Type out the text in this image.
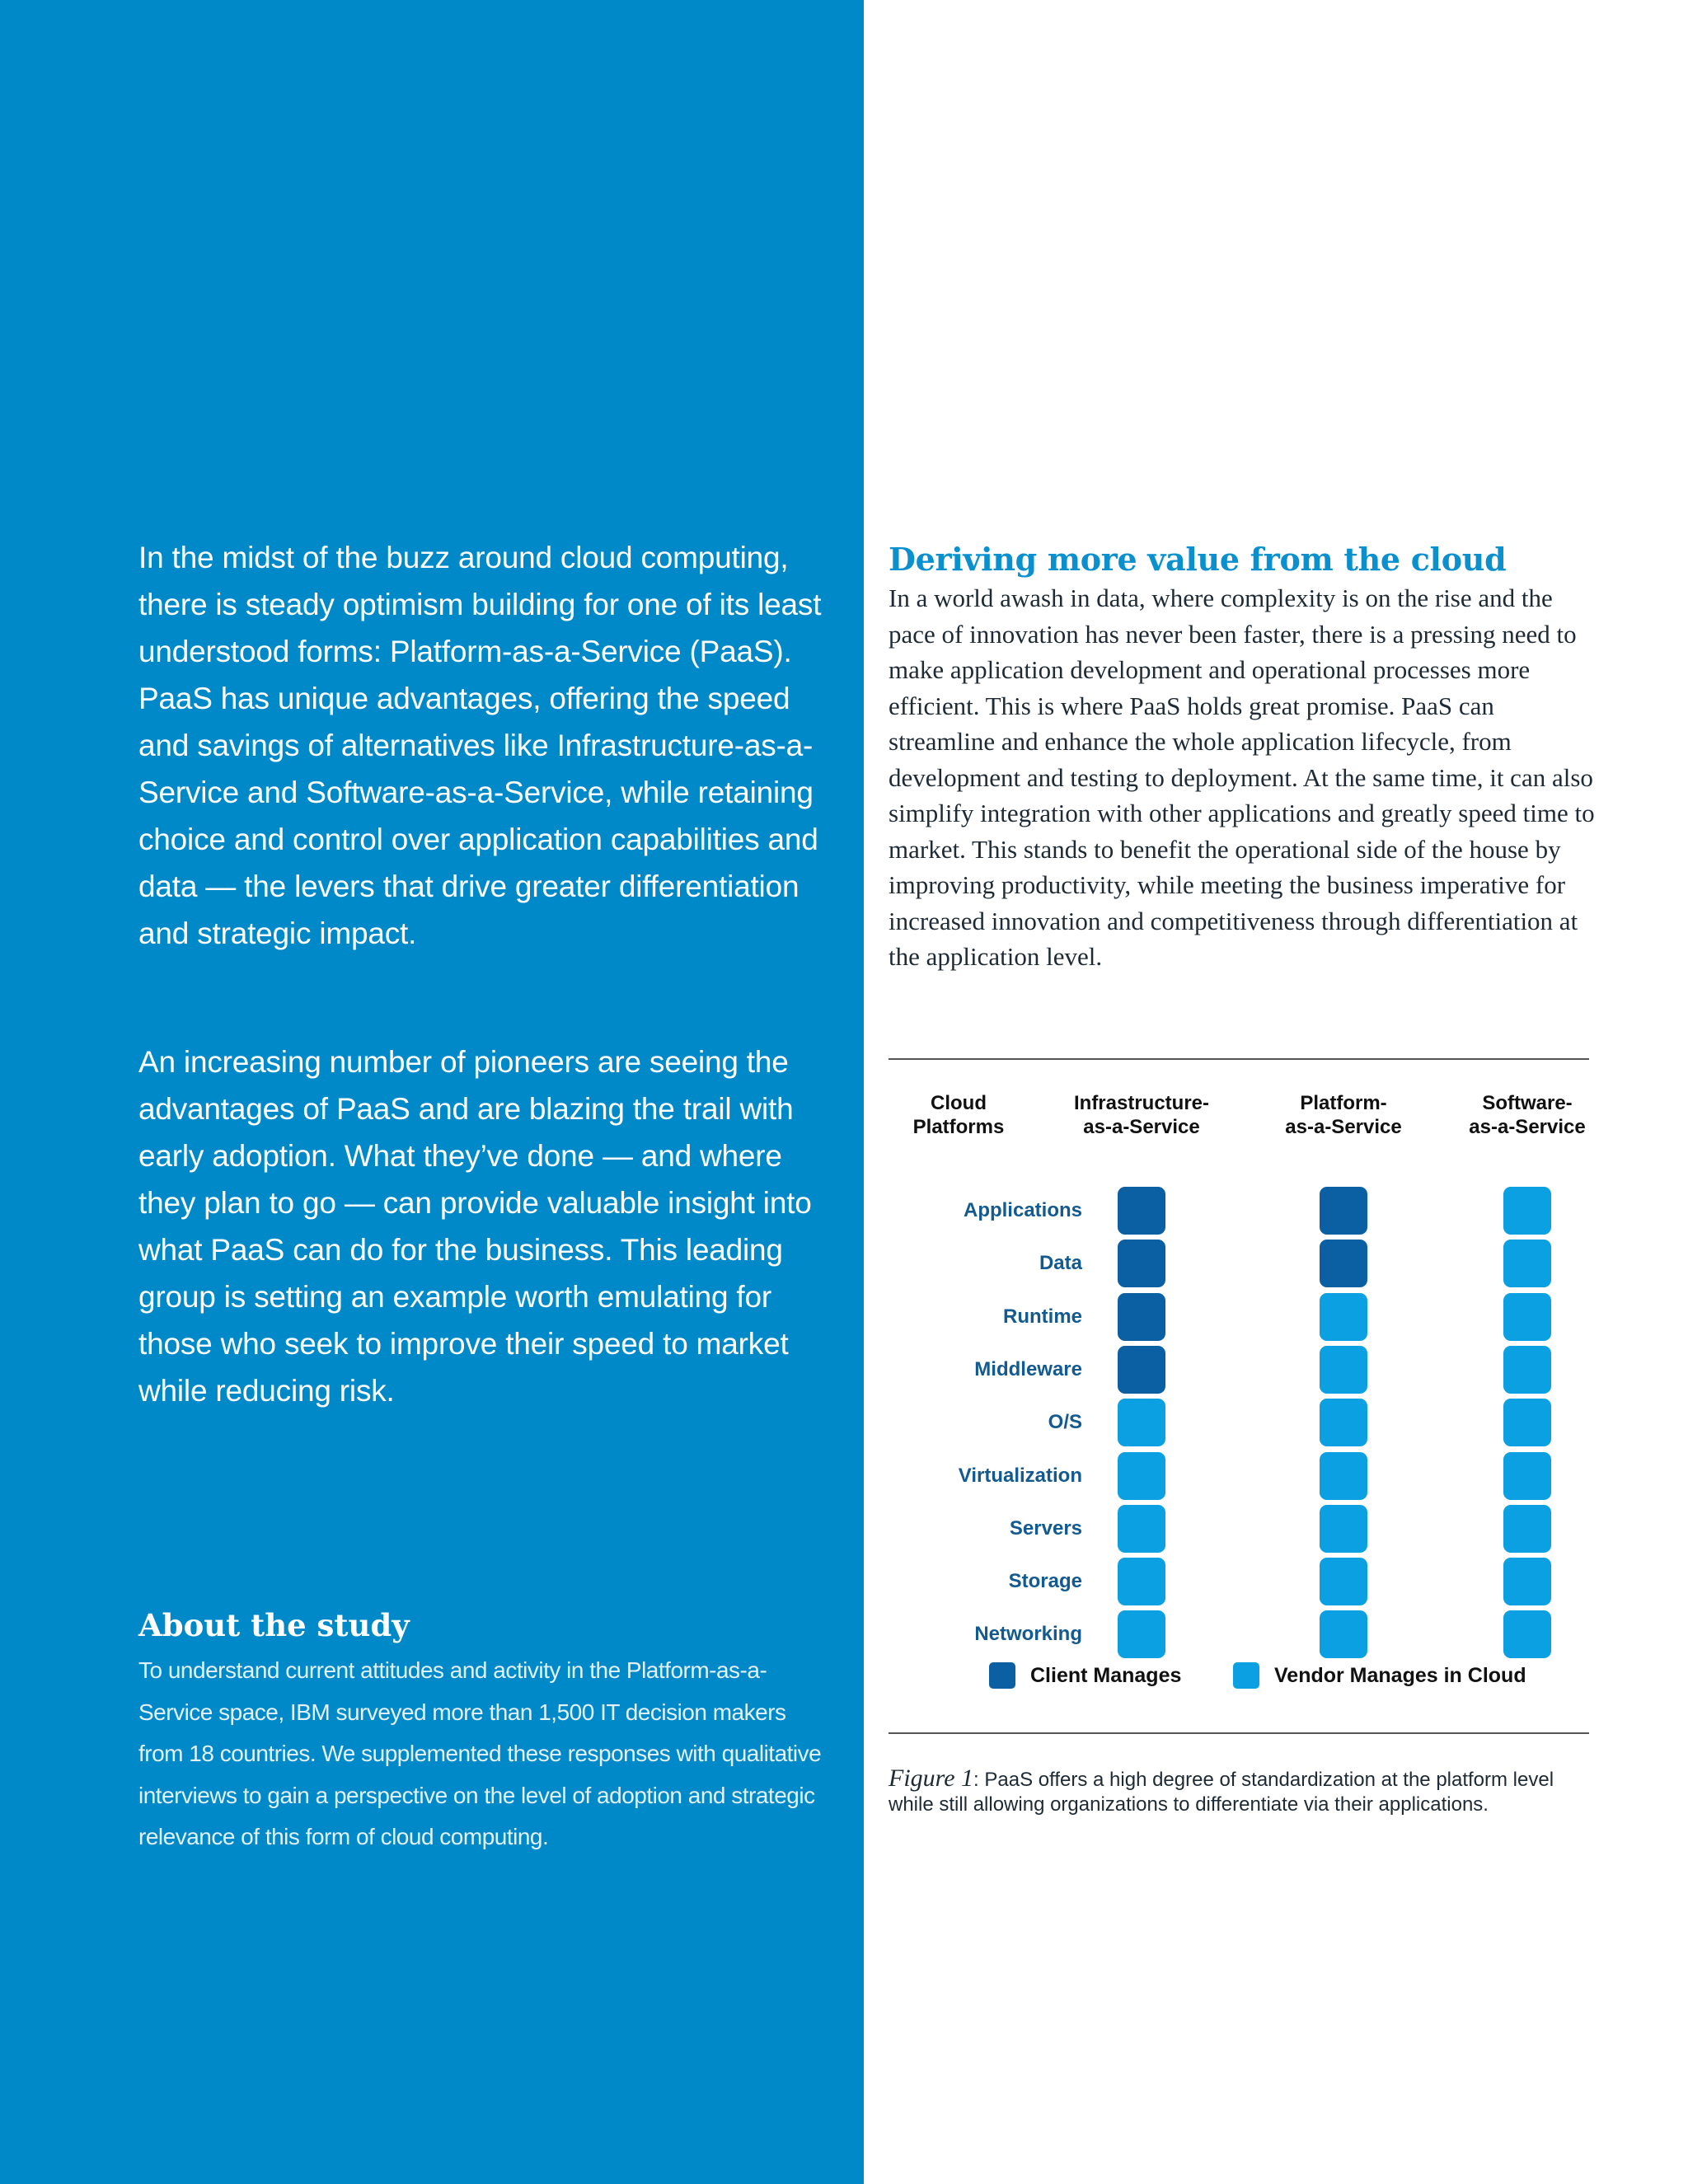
In the midst of the buzz around cloud computing, there is steady optimism building for one of its least understood forms: Platform-as-a-Service (PaaS). PaaS has unique advantages, offering the speed and savings of alternatives like Infrastructure-as-a-Service and Software-as-a-Service, while retaining choice and control over application capabilities and data — the levers that drive greater differentiation and strategic impact.

An increasing number of pioneers are seeing the advantages of PaaS and are blazing the trail with early adoption. What they’ve done — and where they plan to go — can provide valuable insight into what PaaS can do for the business. This leading group is setting an example worth emulating for those who seek to improve their speed to market while reducing risk.

About the study

To understand current attitudes and activity in the Platform-as-a-Service space, IBM surveyed more than 1,500 IT decision makers from 18 countries. We supplemented these responses with qualitative interviews to gain a perspective on the level of adoption and strategic relevance of this form of cloud computing.

Deriving more value from the cloud

In a world awash in data, where complexity is on the rise and the pace of innovation has never been faster, there is a pressing need to make application development and operational processes more efficient. This is where PaaS holds great promise. PaaS can streamline and enhance the whole application lifecycle, from development and testing to deployment. At the same time, it can also simplify integration with other applications and greatly speed time to market. This stands to benefit the operational side of the house by improving productivity, while meeting the business imperative for increased innovation and competitiveness through differentiation at the application level.

Cloud
Platforms
Infrastructure-
as-a-Service
Platform-
as-a-Service
Software-
as-a-Service
Applications
Data
Runtime
Middleware
O/S
Virtualization
Servers
Storage
Networking
Client Manages	Vendor Manages in Cloud

Figure 1: PaaS offers a high degree of standardization at the platform level while still allowing organizations to differentiate via their applications.
